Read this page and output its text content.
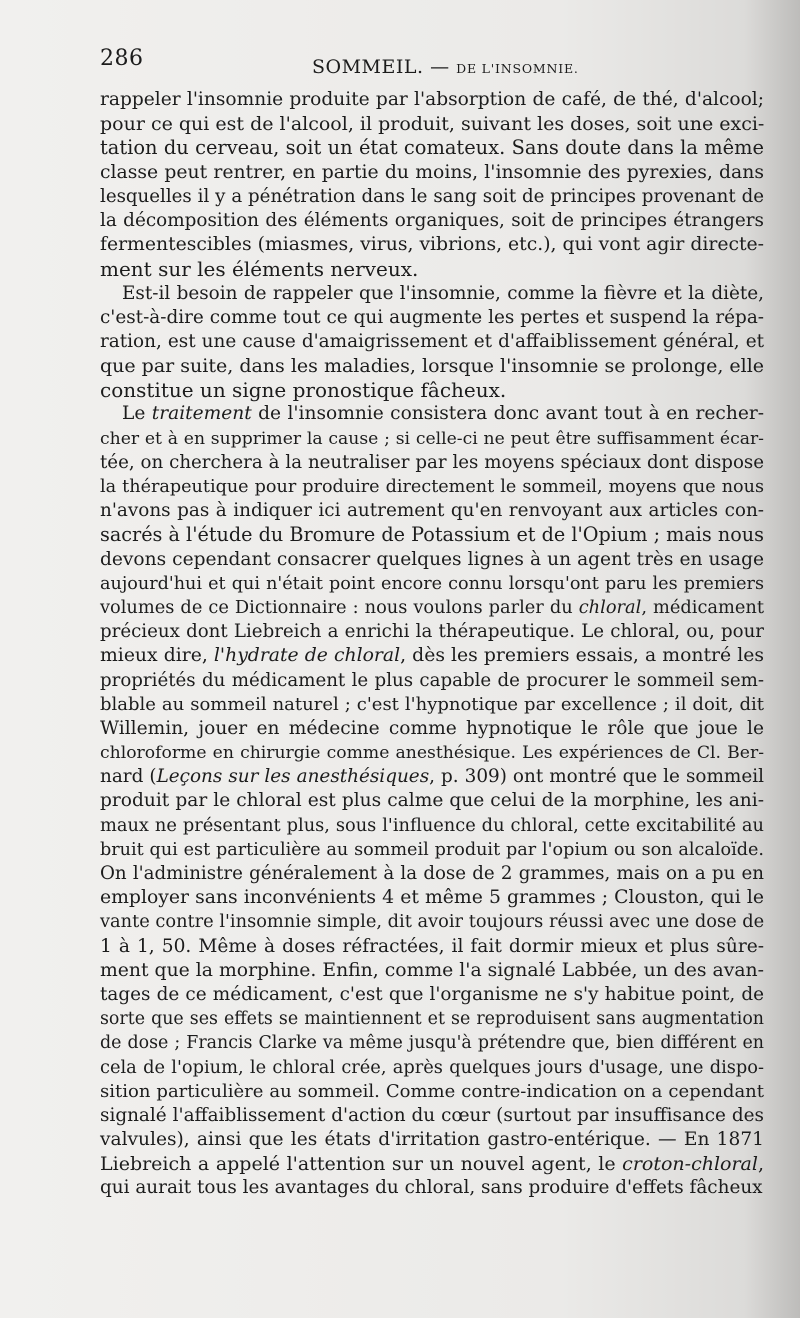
286	SOMMEIL. — DE L'INSOMNIE.
rappeler l'insomnie produite par l'absorption de café, de thé, d'alcool;
pour ce qui est de l'alcool, il produit, suivant les doses, soit une exci-
tation du cerveau, soit un état comateux. Sans doute dans la même
classe peut rentrer, en partie du moins, l'insomnie des pyrexies, dans
lesquelles il y a pénétration dans le sang soit de principes provenant de
la décomposition des éléments organiques, soit de principes étrangers
fermentescibles (miasmes, virus, vibrions, etc.), qui vont agir directe-
ment sur les éléments nerveux.
Est-il besoin de rappeler que l'insomnie, comme la fièvre et la diète,
c'est-à-dire comme tout ce qui augmente les pertes et suspend la répa-
ration, est une cause d'amaigrissement et d'affaiblissement général, et
que par suite, dans les maladies, lorsque l'insomnie se prolonge, elle
constitue un signe pronostique fâcheux.
Le traitement de l'insomnie consistera donc avant tout à en recher-
cher et à en supprimer la cause ; si celle-ci ne peut être suffisamment écar-
tée, on cherchera à la neutraliser par les moyens spéciaux dont dispose
la thérapeutique pour produire directement le sommeil, moyens que nous
n'avons pas à indiquer ici autrement qu'en renvoyant aux articles con-
sacrés à l'étude du Bromure de Potassium et de l'Opium ; mais nous
devons cependant consacrer quelques lignes à un agent très en usage
aujourd'hui et qui n'était point encore connu lorsqu'ont paru les premiers
volumes de ce Dictionnaire : nous voulons parler du chloral, médicament
précieux dont Liebreich a enrichi la thérapeutique. Le chloral, ou, pour
mieux dire, l'hydrate de chloral, dès les premiers essais, a montré les
propriétés du médicament le plus capable de procurer le sommeil sem-
blable au sommeil naturel ; c'est l'hypnotique par excellence ; il doit, dit
Willemin, jouer en médecine comme hypnotique le rôle que joue le
chloroforme en chirurgie comme anesthésique. Les expériences de Cl. Ber-
nard (Leçons sur les anesthésiques, p. 309) ont montré que le sommeil
produit par le chloral est plus calme que celui de la morphine, les ani-
maux ne présentant plus, sous l'influence du chloral, cette excitabilité au
bruit qui est particulière au sommeil produit par l'opium ou son alcaloïde.
On l'administre généralement à la dose de 2 grammes, mais on a pu en
employer sans inconvénients 4 et même 5 grammes ; Clouston, qui le
vante contre l'insomnie simple, dit avoir toujours réussi avec une dose de
1 à 1, 50. Même à doses réfractées, il fait dormir mieux et plus sûre-
ment que la morphine. Enfin, comme l'a signalé Labbée, un des avan-
tages de ce médicament, c'est que l'organisme ne s'y habitue point, de
sorte que ses effets se maintiennent et se reproduisent sans augmentation
de dose ; Francis Clarke va même jusqu'à prétendre que, bien différent en
cela de l'opium, le chloral crée, après quelques jours d'usage, une dispo-
sition particulière au sommeil. Comme contre-indication on a cependant
signalé l'affaiblissement d'action du cœur (surtout par insuffisance des
valvules), ainsi que les états d'irritation gastro-entérique. — En 1871
Liebreich a appelé l'attention sur un nouvel agent, le croton-chloral,
qui aurait tous les avantages du chloral, sans produire d'effets fâcheux
